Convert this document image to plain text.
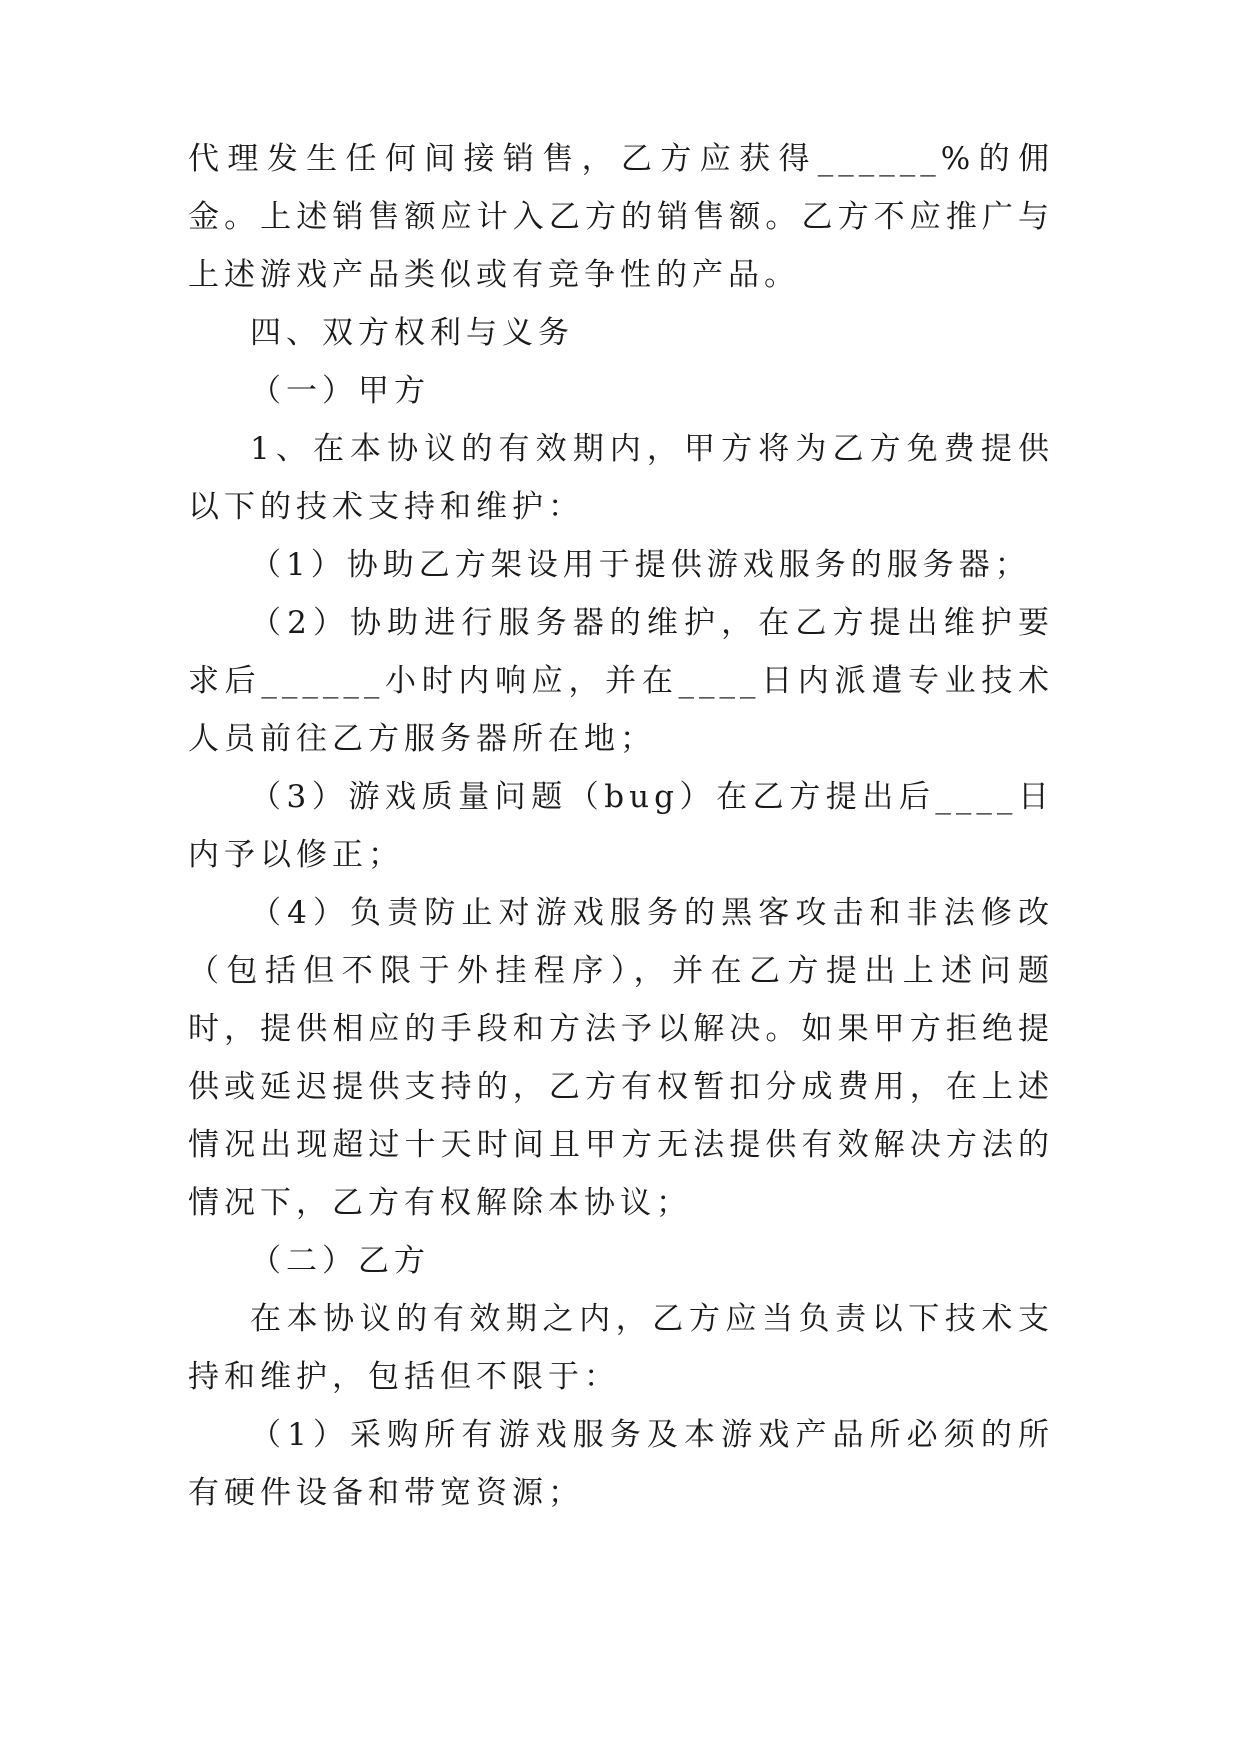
代理发生任何间接销售，乙方应获得______%的佣金。上述销售额应计入乙方的销售额。乙方不应推广与上述游戏产品类似或有竞争性的产品。

四、双方权利与义务

（一）甲方

1、在本协议的有效期内，甲方将为乙方免费提供以下的技术支持和维护：

（1）协助乙方架设用于提供游戏服务的服务器；

（2）协助进行服务器的维护，在乙方提出维护要求后______小时内响应，并在____日内派遣专业技术人员前往乙方服务器所在地；

（3）游戏质量问题（bug）在乙方提出后____日内予以修正；

（4）负责防止对游戏服务的黑客攻击和非法修改（包括但不限于外挂程序），并在乙方提出上述问题时，提供相应的手段和方法予以解决。如果甲方拒绝提供或延迟提供支持的，乙方有权暂扣分成费用，在上述情况出现超过十天时间且甲方无法提供有效解决方法的情况下，乙方有权解除本协议；

（二）乙方

在本协议的有效期之内，乙方应当负责以下技术支持和维护，包括但不限于：

（1）采购所有游戏服务及本游戏产品所必须的所有硬件设备和带宽资源；
